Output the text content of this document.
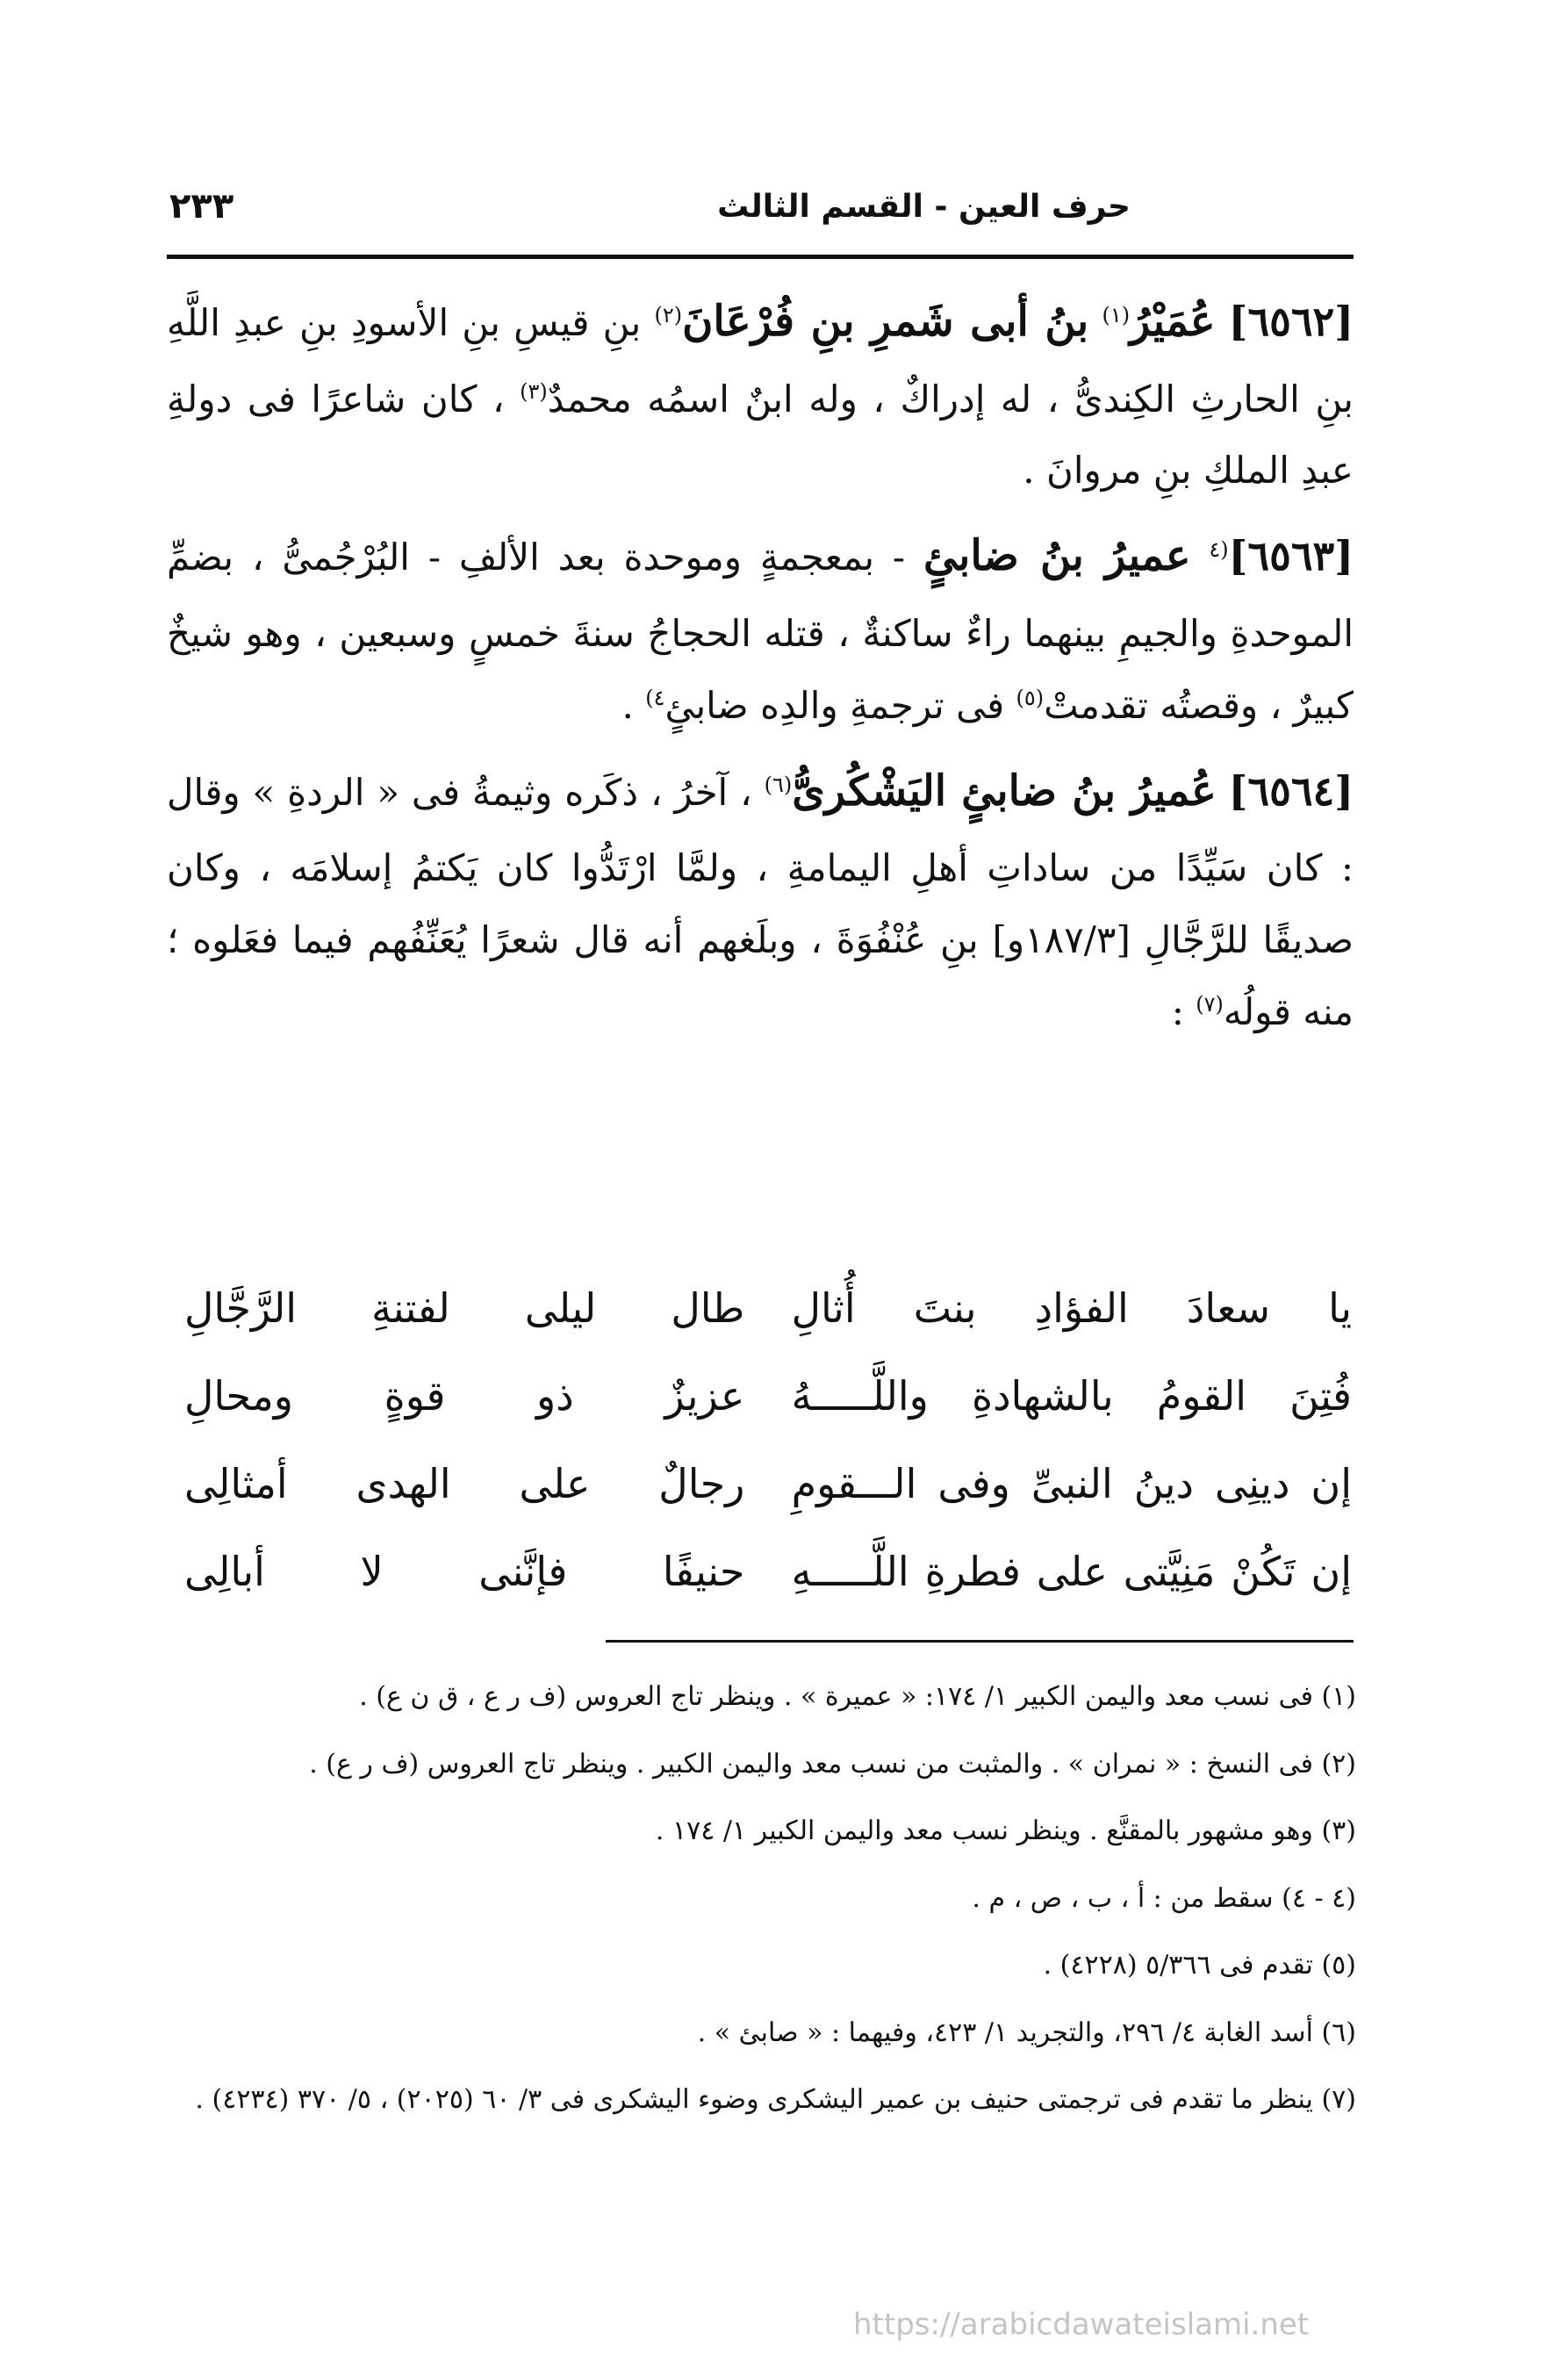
حرف العين - القسم الثالث
٢٣٣

[٦٥٦٢] عُمَيْرُ$^{(١)}$ بنُ أبى شَمرِ بنِ فُرْعَانَ$^{(٢)}$ بنِ قيسِ بنِ الأسودِ بنِ عبدِ اللَّهِ بنِ الحارثِ الكِندىُّ ، له إدراكٌ ، وله ابنٌ اسمُه محمدٌ$^{(٣)}$ ، كان شاعرًا فى دولةِ عبدِ الملكِ بنِ مروانَ .

[٦٥٦٣]$^{(٤}$ عميرُ بنُ ضابئٍ - بمعجمةٍ وموحدة بعد الألفِ - البُرْجُمىُّ ، بضمِّ الموحدةِ والجيمِ بينهما راءٌ ساكنةٌ ، قتله الحجاجُ سنةَ خمسٍ وسبعين ، وهو شيخٌ كبيرٌ ، وقصتُه تقدمتْ$^{(٥)}$ فى ترجمةِ والدِه ضابئٍ$^{٤)}$ .

[٦٥٦٤] عُميرُ بنُ ضابئٍ اليَشْكُرىُّ$^{(٦)}$ ، آخرُ ، ذكَره وثيمةُ فى « الردةِ » وقال : كان سَيِّدًا من ساداتِ أهلِ اليمامةِ ، ولمَّا ارْتَدُّوا كان يَكتمُ إسلامَه ، وكان صديقًا للرَّجَّالِ [١٨٧/٣و] بنِ عُنْفُوَةَ ، وبلَغهم أنه قال شعرًا يُعَنِّفُهم فيما فعَلوه ؛ منه قولُه$^{(٧)}$ :

يا سعادَ الفؤادِ بنتَ أُثالِ
طال ليلى لفتنةِ الرَّجَّالِ
فُتِنَ القومُ بالشهادةِ واللَّـــــهُ
عزيزٌ ذو قوةٍ ومحالِ
إن دينِى دينُ النبىِّ وفى الـــقومِ
رجالٌ على الهدى أمثالِى
إن تَكُنْ مَنِيَّتى على فطرةِ اللَّـــــهِ
حنيفًا فإنَّنى لا أبالِى

(١) فى نسب معد واليمن الكبير ١/ ١٧٤: « عميرة » . وينظر تاج العروس (ف ر ع ، ق ن ع) .

(٢) فى النسخ : « نمران » . والمثبت من نسب معد واليمن الكبير . وينظر تاج العروس (ف ر ع) .

(٣) وهو مشهور بالمقنَّع . وينظر نسب معد واليمن الكبير ١/ ١٧٤ .

(٤ - ٤) سقط من : أ ، ب ، ص ، م .

(٥) تقدم فى ٥/٣٦٦ (٤٢٢٨) .

(٦) أسد الغابة ٤/ ٢٩٦، والتجريد ١/ ٤٢٣، وفيهما : « صابئ » .

(٧) ينظر ما تقدم فى ترجمتى حنيف بن عمير اليشكرى وضوء اليشكرى فى ٣/ ٦٠ (٢٠٢٥) ، ٥/ ٣٧٠ (٤٢٣٤) .

https://arabicdawateislami.net
